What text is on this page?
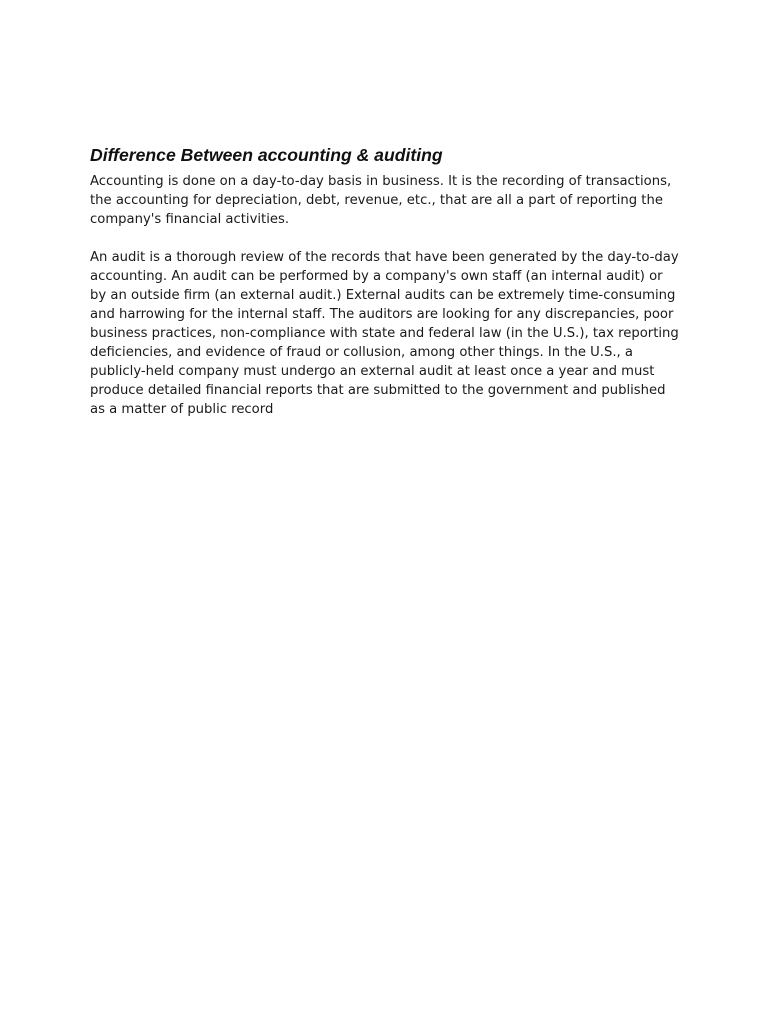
Difference Between accounting & auditing

Accounting is done on a day-to-day basis in business. It is the recording of transactions, the accounting for depreciation, debt, revenue, etc., that are all a part of reporting the company's financial activities.

An audit is a thorough review of the records that have been generated by the day-to-day accounting. An audit can be performed by a company's own staff (an internal audit) or by an outside firm (an external audit.) External audits can be extremely time-consuming and harrowing for the internal staff. The auditors are looking for any discrepancies, poor business practices, non-compliance with state and federal law (in the U.S.), tax reporting deficiencies, and evidence of fraud or collusion, among other things. In the U.S., a publicly-held company must undergo an external audit at least once a year and must produce detailed financial reports that are submitted to the government and published as a matter of public record
